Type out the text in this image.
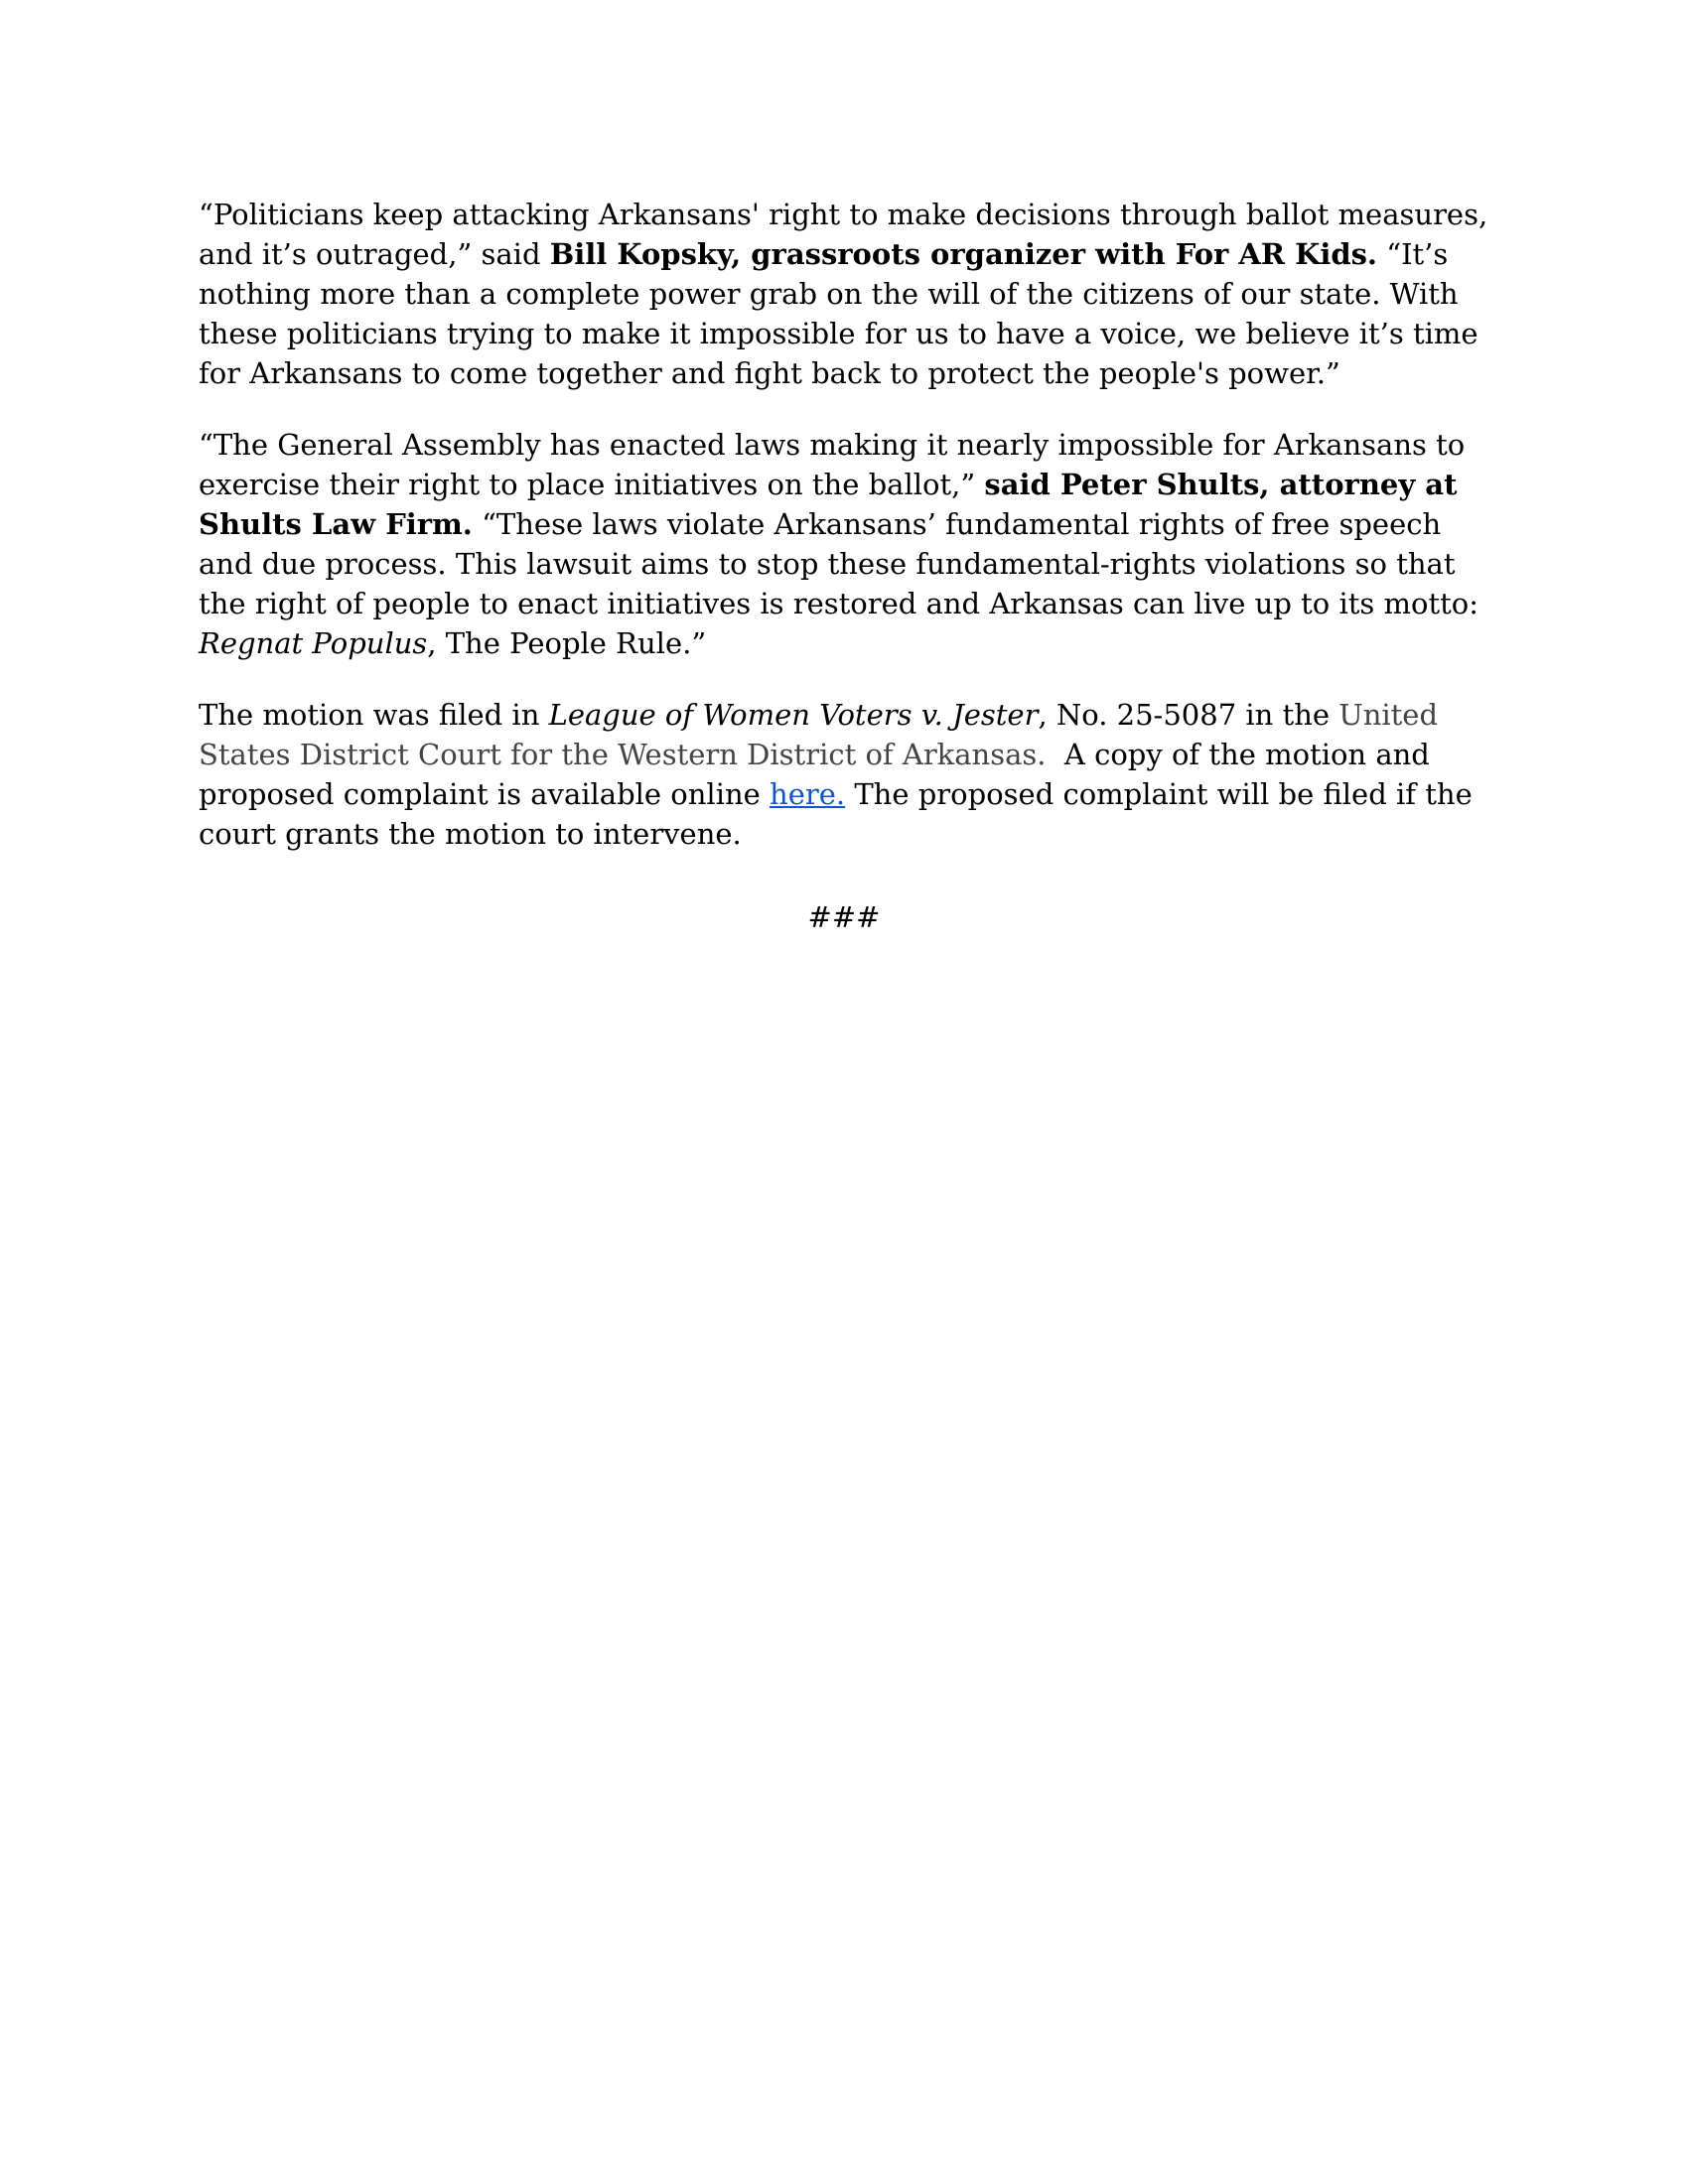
“Politicians keep attacking Arkansans' right to make decisions through ballot measures, and it’s outraged,” said Bill Kopsky, grassroots organizer with For AR Kids. “It’s nothing more than a complete power grab on the will of the citizens of our state. With these politicians trying to make it impossible for us to have a voice, we believe it’s time for Arkansans to come together and fight back to protect the people's power.”

“The General Assembly has enacted laws making it nearly impossible for Arkansans to exercise their right to place initiatives on the ballot,” said Peter Shults, attorney at Shults Law Firm. “These laws violate Arkansans’ fundamental rights of free speech and due process. This lawsuit aims to stop these fundamental-rights violations so that the right of people to enact initiatives is restored and Arkansas can live up to its motto: Regnat Populus, The People Rule.”

The motion was filed in League of Women Voters v. Jester, No. 25-5087 in the United States District Court for the Western District of Arkansas.  A copy of the motion and proposed complaint is available online here. The proposed complaint will be filed if the court grants the motion to intervene.

###
